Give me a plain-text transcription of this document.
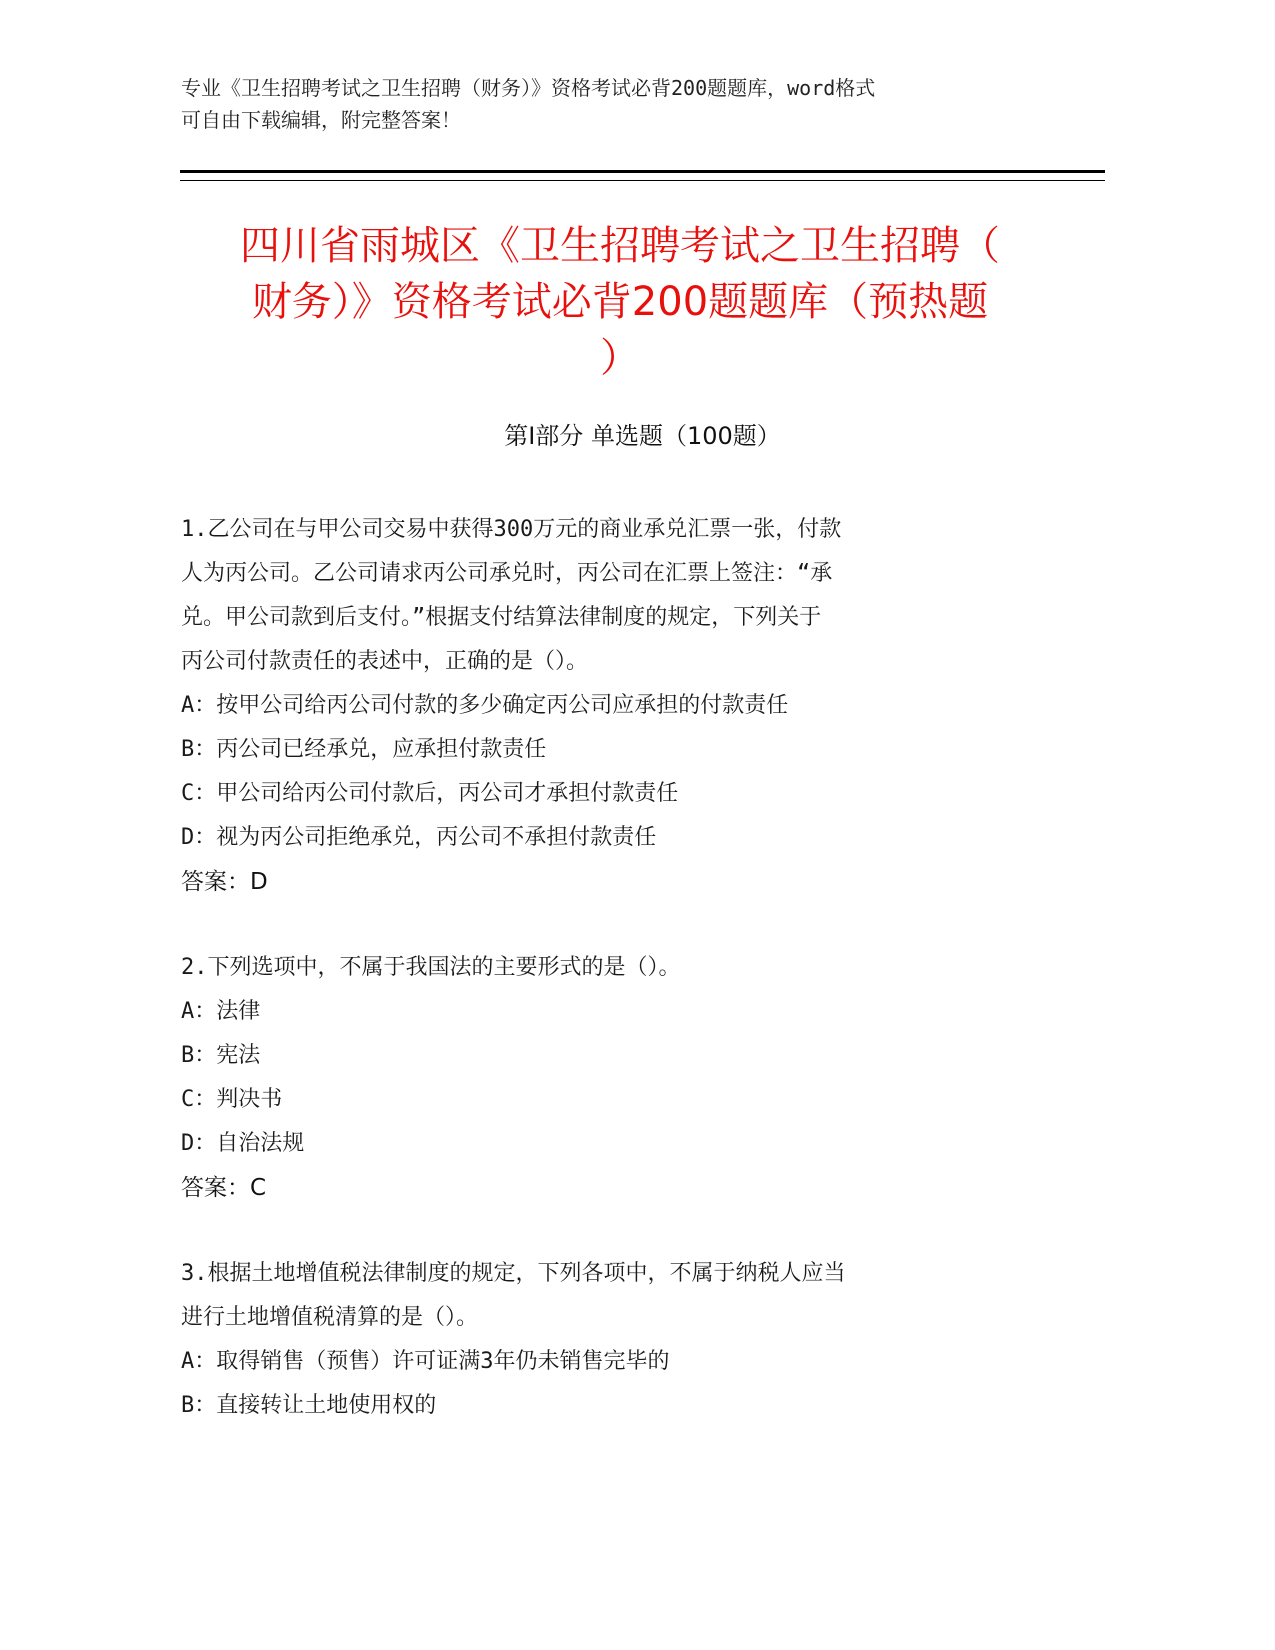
专业《卫生招聘考试之卫生招聘（财务）》资格考试必背200题题库，word格式
可自由下载编辑，附完整答案！
四川省雨城区《卫生招聘考试之卫生招聘（
财务）》资格考试必背200题题库（预热题
）
第I部分 单选题（100题）
1.乙公司在与甲公司交易中获得300万元的商业承兑汇票一张，付款
人为丙公司。乙公司请求丙公司承兑时，丙公司在汇票上签注：“承
兑。甲公司款到后支付。”根据支付结算法律制度的规定，下列关于
丙公司付款责任的表述中，正确的是（）。
A：按甲公司给丙公司付款的多少确定丙公司应承担的付款责任
B：丙公司已经承兑，应承担付款责任
C：甲公司给丙公司付款后，丙公司才承担付款责任
D：视为丙公司拒绝承兑，丙公司不承担付款责任
答案：D
2.下列选项中，不属于我国法的主要形式的是（）。
A：法律
B：宪法
C：判决书
D：自治法规
答案：C
3.根据土地增值税法律制度的规定，下列各项中，不属于纳税人应当
进行土地增值税清算的是（）。
A：取得销售（预售）许可证满3年仍未销售完毕的
B：直接转让土地使用权的
